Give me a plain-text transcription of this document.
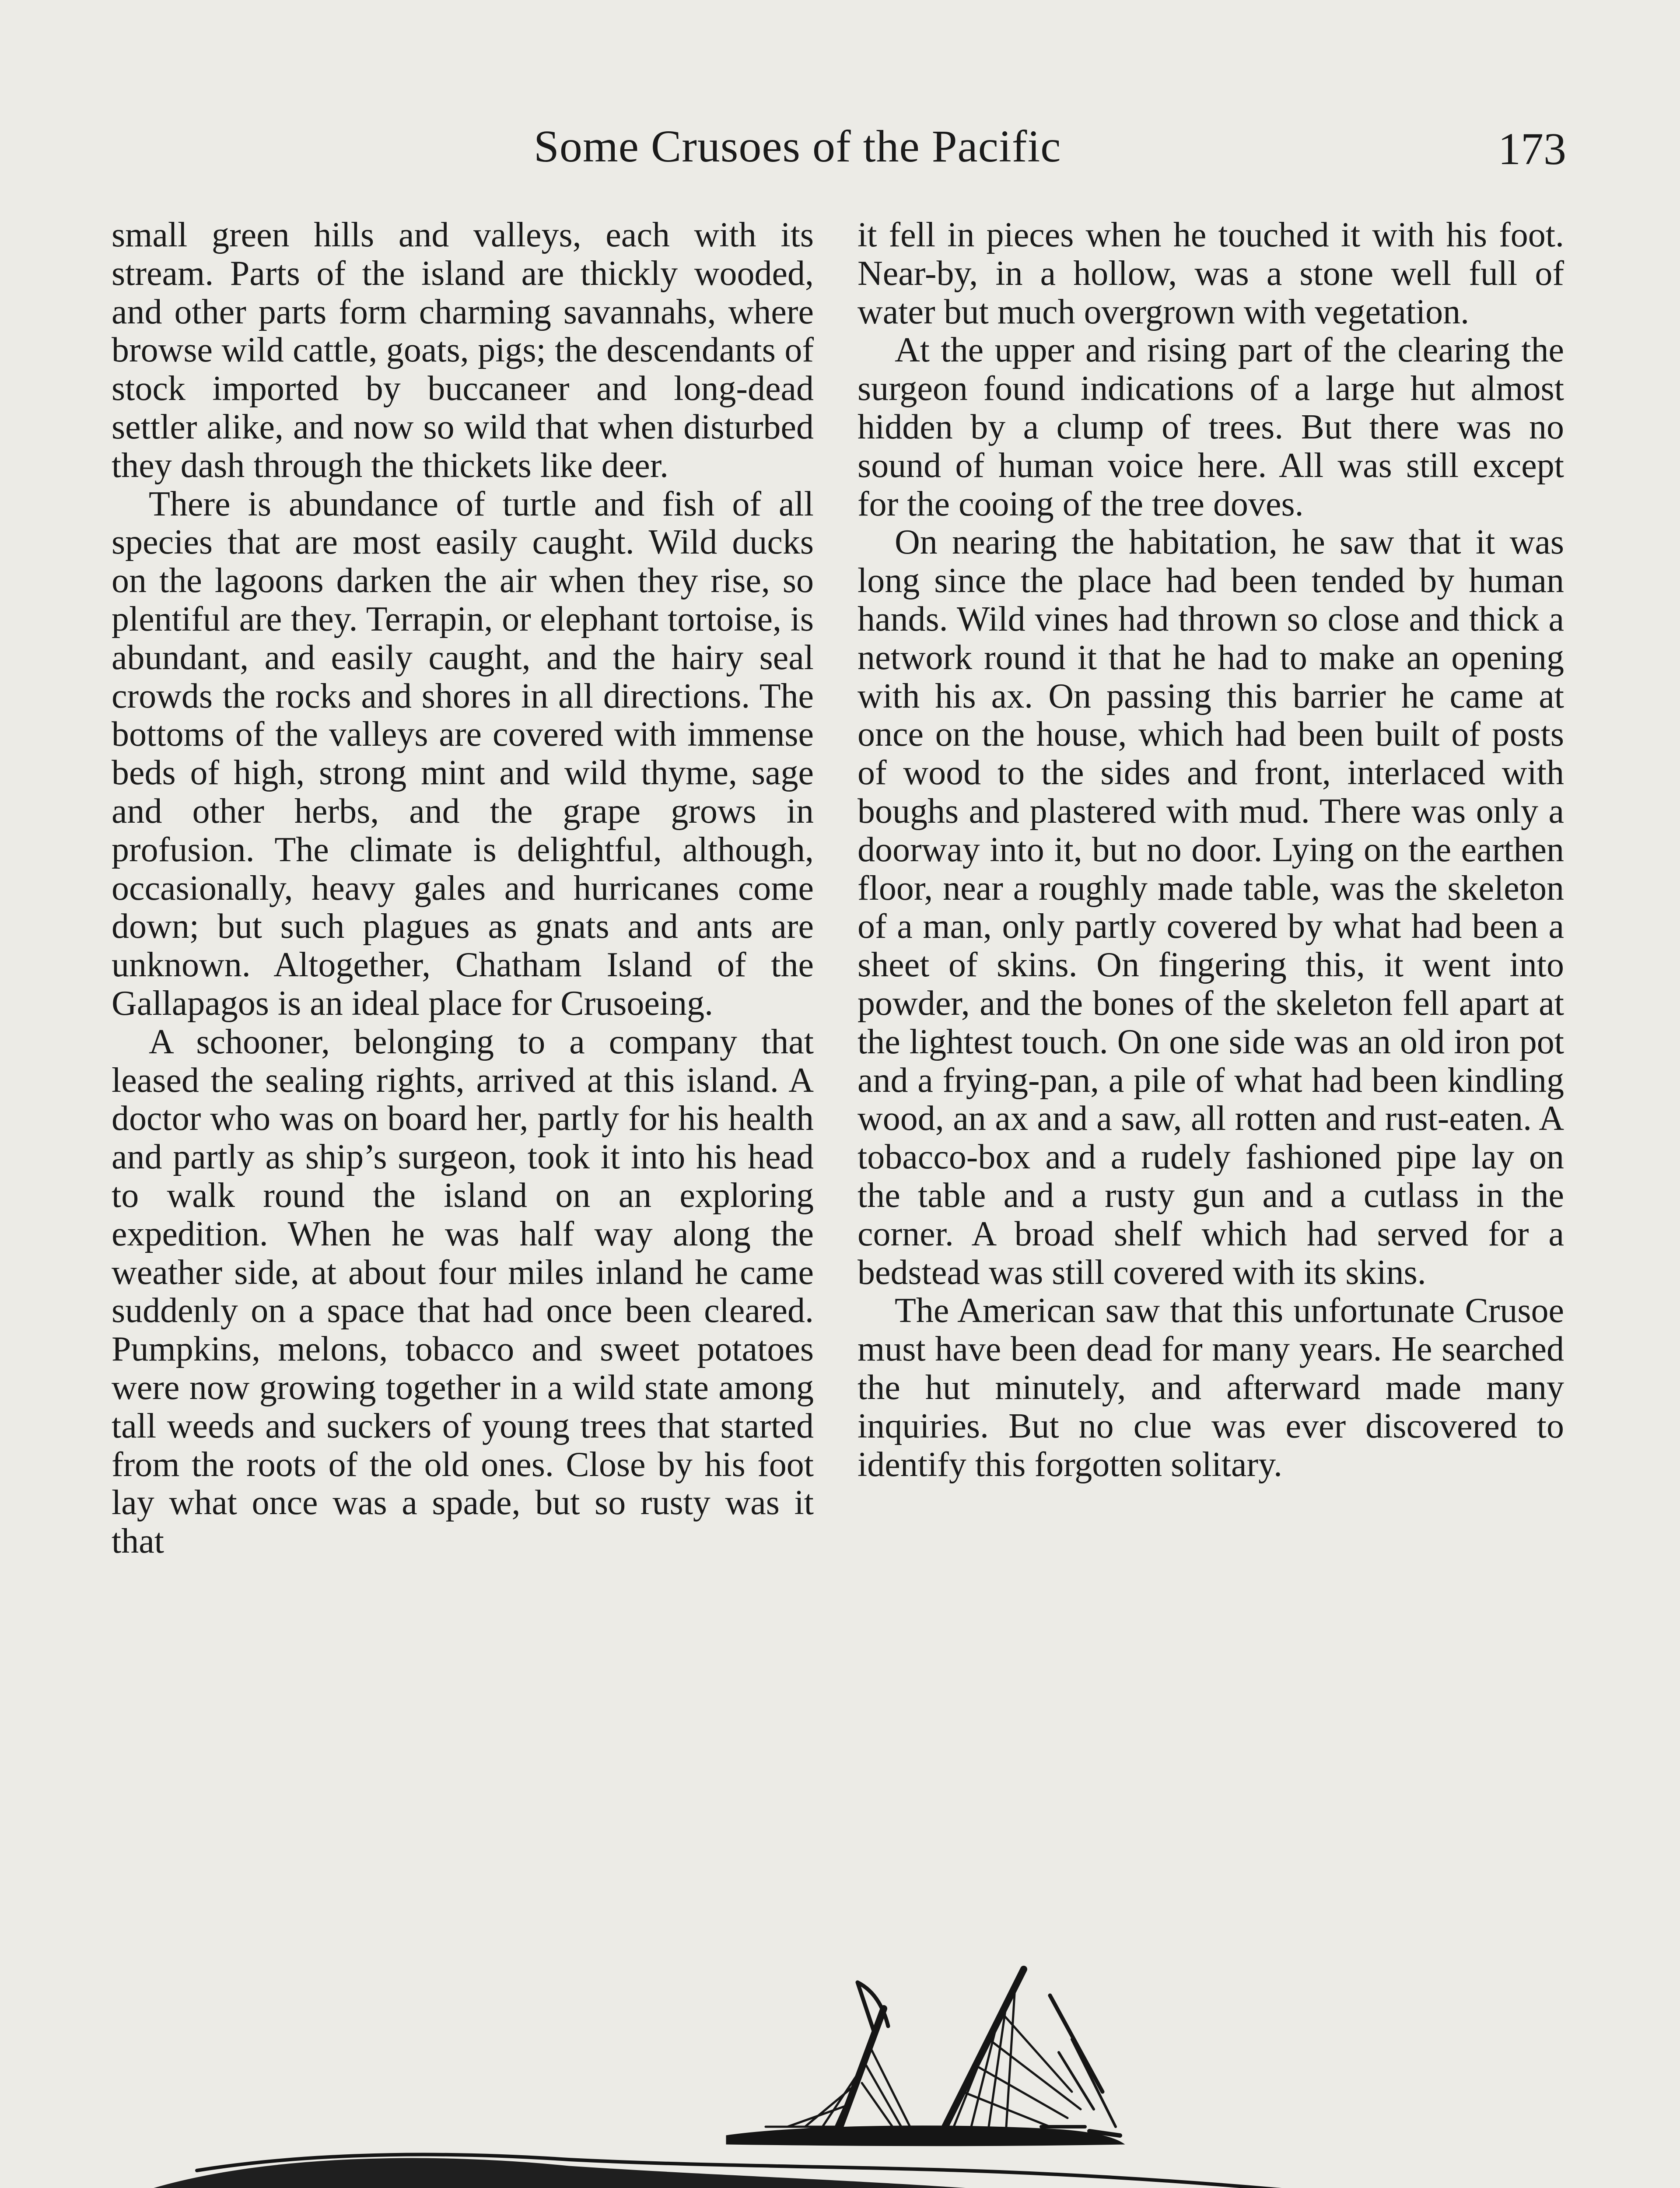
Some Crusoes of the Pacific	173

small green hills and valleys, each with its stream. Parts of the island are thickly wooded, and other parts form charming savannahs, where browse wild cattle, goats, pigs; the descendants of stock imported by buccaneer and long-dead settler alike, and now so wild that when disturbed they dash through the thickets like deer.

There is abundance of turtle and fish of all species that are most easily caught. Wild ducks on the lagoons darken the air when they rise, so plentiful are they. Terrapin, or elephant tortoise, is abundant, and easily caught, and the hairy seal crowds the rocks and shores in all directions. The bottoms of the valleys are covered with immense beds of high, strong mint and wild thyme, sage and other herbs, and the grape grows in profusion. The climate is delightful, although, occasionally, heavy gales and hurricanes come down; but such plagues as gnats and ants are unknown. Altogether, Chatham Island of the Gallapagos is an ideal place for Crusoeing.

A schooner, belonging to a company that leased the sealing rights, arrived at this island. A doctor who was on board her, partly for his health and partly as ship’s surgeon, took it into his head to walk round the island on an exploring expedition. When he was half way along the weather side, at about four miles inland he came suddenly on a space that had once been cleared. Pumpkins, melons, tobacco and sweet potatoes were now growing together in a wild state among tall weeds and suckers of young trees that started from the roots of the old ones. Close by his foot lay what once was a spade, but so rusty was it that

it fell in pieces when he touched it with his foot. Near-by, in a hollow, was a stone well full of water but much overgrown with vegetation.

At the upper and rising part of the clearing the surgeon found indications of a large hut almost hidden by a clump of trees. But there was no sound of human voice here. All was still except for the cooing of the tree doves.

On nearing the habitation, he saw that it was long since the place had been tended by human hands. Wild vines had thrown so close and thick a network round it that he had to make an opening with his ax. On passing this barrier he came at once on the house, which had been built of posts of wood to the sides and front, interlaced with boughs and plastered with mud. There was only a doorway into it, but no door. Lying on the earthen floor, near a roughly made table, was the skeleton of a man, only partly covered by what had been a sheet of skins. On fingering this, it went into powder, and the bones of the skeleton fell apart at the lightest touch. On one side was an old iron pot and a frying-pan, a pile of what had been kindling wood, an ax and a saw, all rotten and rust-eaten. A tobacco-box and a rudely fashioned pipe lay on the table and a rusty gun and a cutlass in the corner. A broad shelf which had served for a bedstead was still covered with its skins.

The American saw that this unfortunate Crusoe must have been dead for many years. He searched the hut minutely, and afterward made many inquiries. But no clue was ever discovered to identify this forgotten solitary.
